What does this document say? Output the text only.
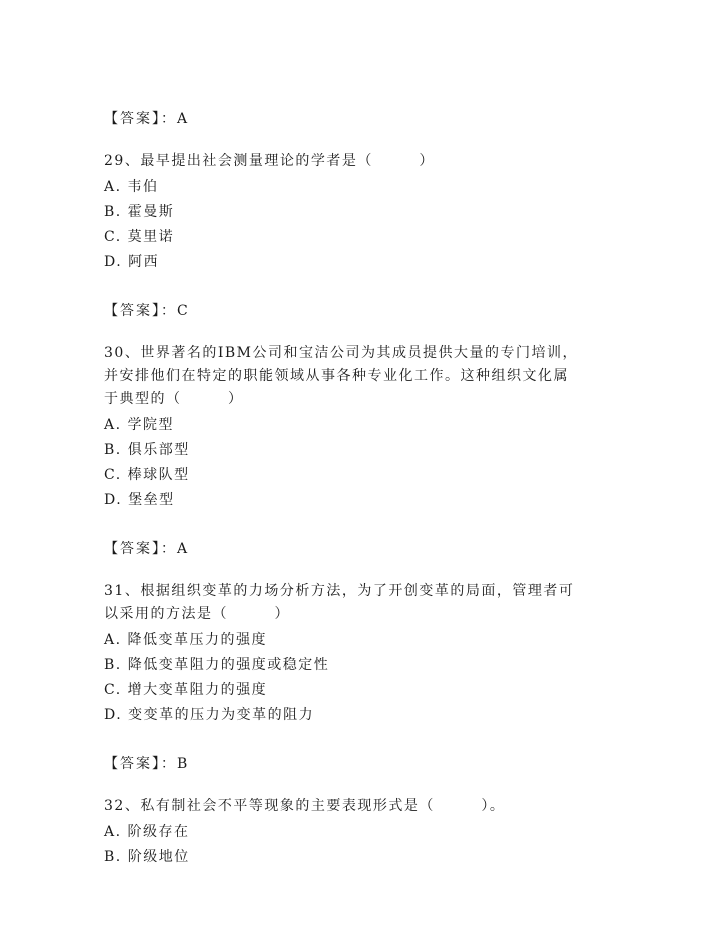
【答案】：A

29、最早提出社会测量理论的学者是（　　　）

A. 韦伯

B. 霍曼斯

C. 莫里诺

D. 阿西

【答案】：C

30、世界著名的IBM公司和宝洁公司为其成员提供大量的专门培训，

并安排他们在特定的职能领域从事各种专业化工作。这种组织文化属

于典型的（　　　）

A. 学院型

B. 俱乐部型

C. 棒球队型

D. 堡垒型

【答案】：A

31、根据组织变革的力场分析方法，为了开创变革的局面，管理者可

以采用的方法是（　　　）

A. 降低变革压力的强度

B. 降低变革阻力的强度或稳定性

C. 增大变革阻力的强度

D. 变变革的压力为变革的阻力

【答案】：B

32、私有制社会不平等现象的主要表现形式是（　　　）。

A. 阶级存在

B. 阶级地位
